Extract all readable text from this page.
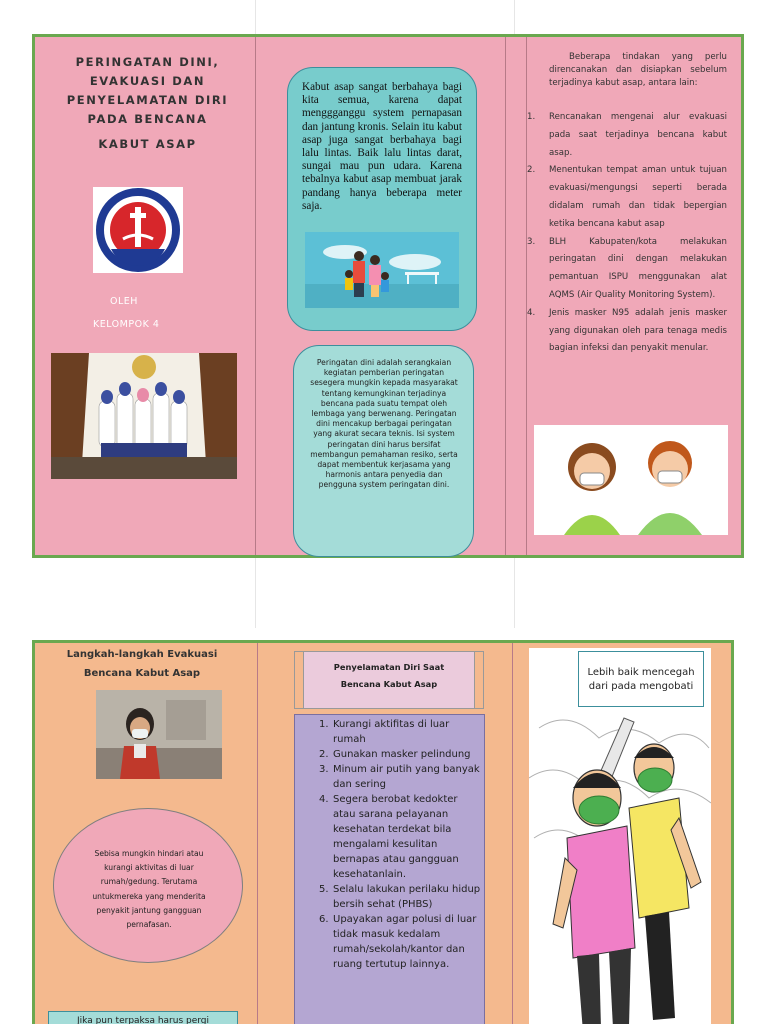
PERINGATAN DINI,
EVAKUASI DAN
PENYELAMATAN DIRI
PADA BENCANA
KABUT ASAP
OLEH
KELOMPOK 4
Kabut asap sangat berbahaya bagi kita semua, karena dapat menggganggu system pernapasan dan jantung kronis. Selain itu kabut asap juga sangat berbahaya bagi lalu lintas. Baik lalu lintas darat, sungai mau pun udara. Karena tebalnya kabut asap membuat jarak pandang hanya beberapa meter saja.
Peringatan dini adalah serangkaian kegiatan pemberian peringatan sesegera mungkin kepada masyarakat tentang kemungkinan terjadinya bencana pada suatu tempat oleh lembaga yang berwenang. Peringatan dini mencakup berbagai peringatan yang akurat secara teknis. Isi system peringatan dini harus bersifat membangun pemahaman resiko, serta dapat membentuk kerjasama yang harmonis antara penyedia dan pengguna system peringatan dini.
Beberapa tindakan yang perlu direncanakan dan disiapkan sebelum terjadinya kabut asap, antara lain:
1. Rencanakan mengenai alur evakuasi pada saat terjadinya bencana kabut asap.
2. Menentukan tempat aman untuk tujuan evakuasi/mengungsi seperti berada didalam rumah dan tidak bepergian ketika bencana kabut asap
3. BLH Kabupaten/kota melakukan peringatan dini dengan melakukan pemantuan ISPU menggunakan alat AQMS (Air Quality Monitoring System).
4. Jenis masker N95 adalah jenis masker yang digunakan oleh para tenaga medis bagian infeksi dan penyakit menular.
Langkah-langkah Evakuasi
Bencana Kabut Asap
Sebisa mungkin hindari atau kurangi aktivitas di luar rumah/gedung. Terutama untukmereka yang menderita penyakit jantung gangguan pernafasan.
Jika pun terpaksa harus pergi
Penyelamatan Diri Saat
Bencana Kabut Asap
1. Kurangi aktifitas di luar rumah
2. Gunakan masker pelindung
3. Minum air putih yang banyak dan sering
4. Segera berobat kedokter atau sarana pelayanan kesehatan terdekat bila mengalami kesulitan bernapas atau gangguan kesehatanlain.
5. Selalu lakukan perilaku hidup bersih sehat (PHBS)
6. Upayakan agar polusi di luar tidak masuk kedalam rumah/sekolah/kantor dan ruang tertutup lainnya.
Lebih baik mencegah dari pada mengobati
